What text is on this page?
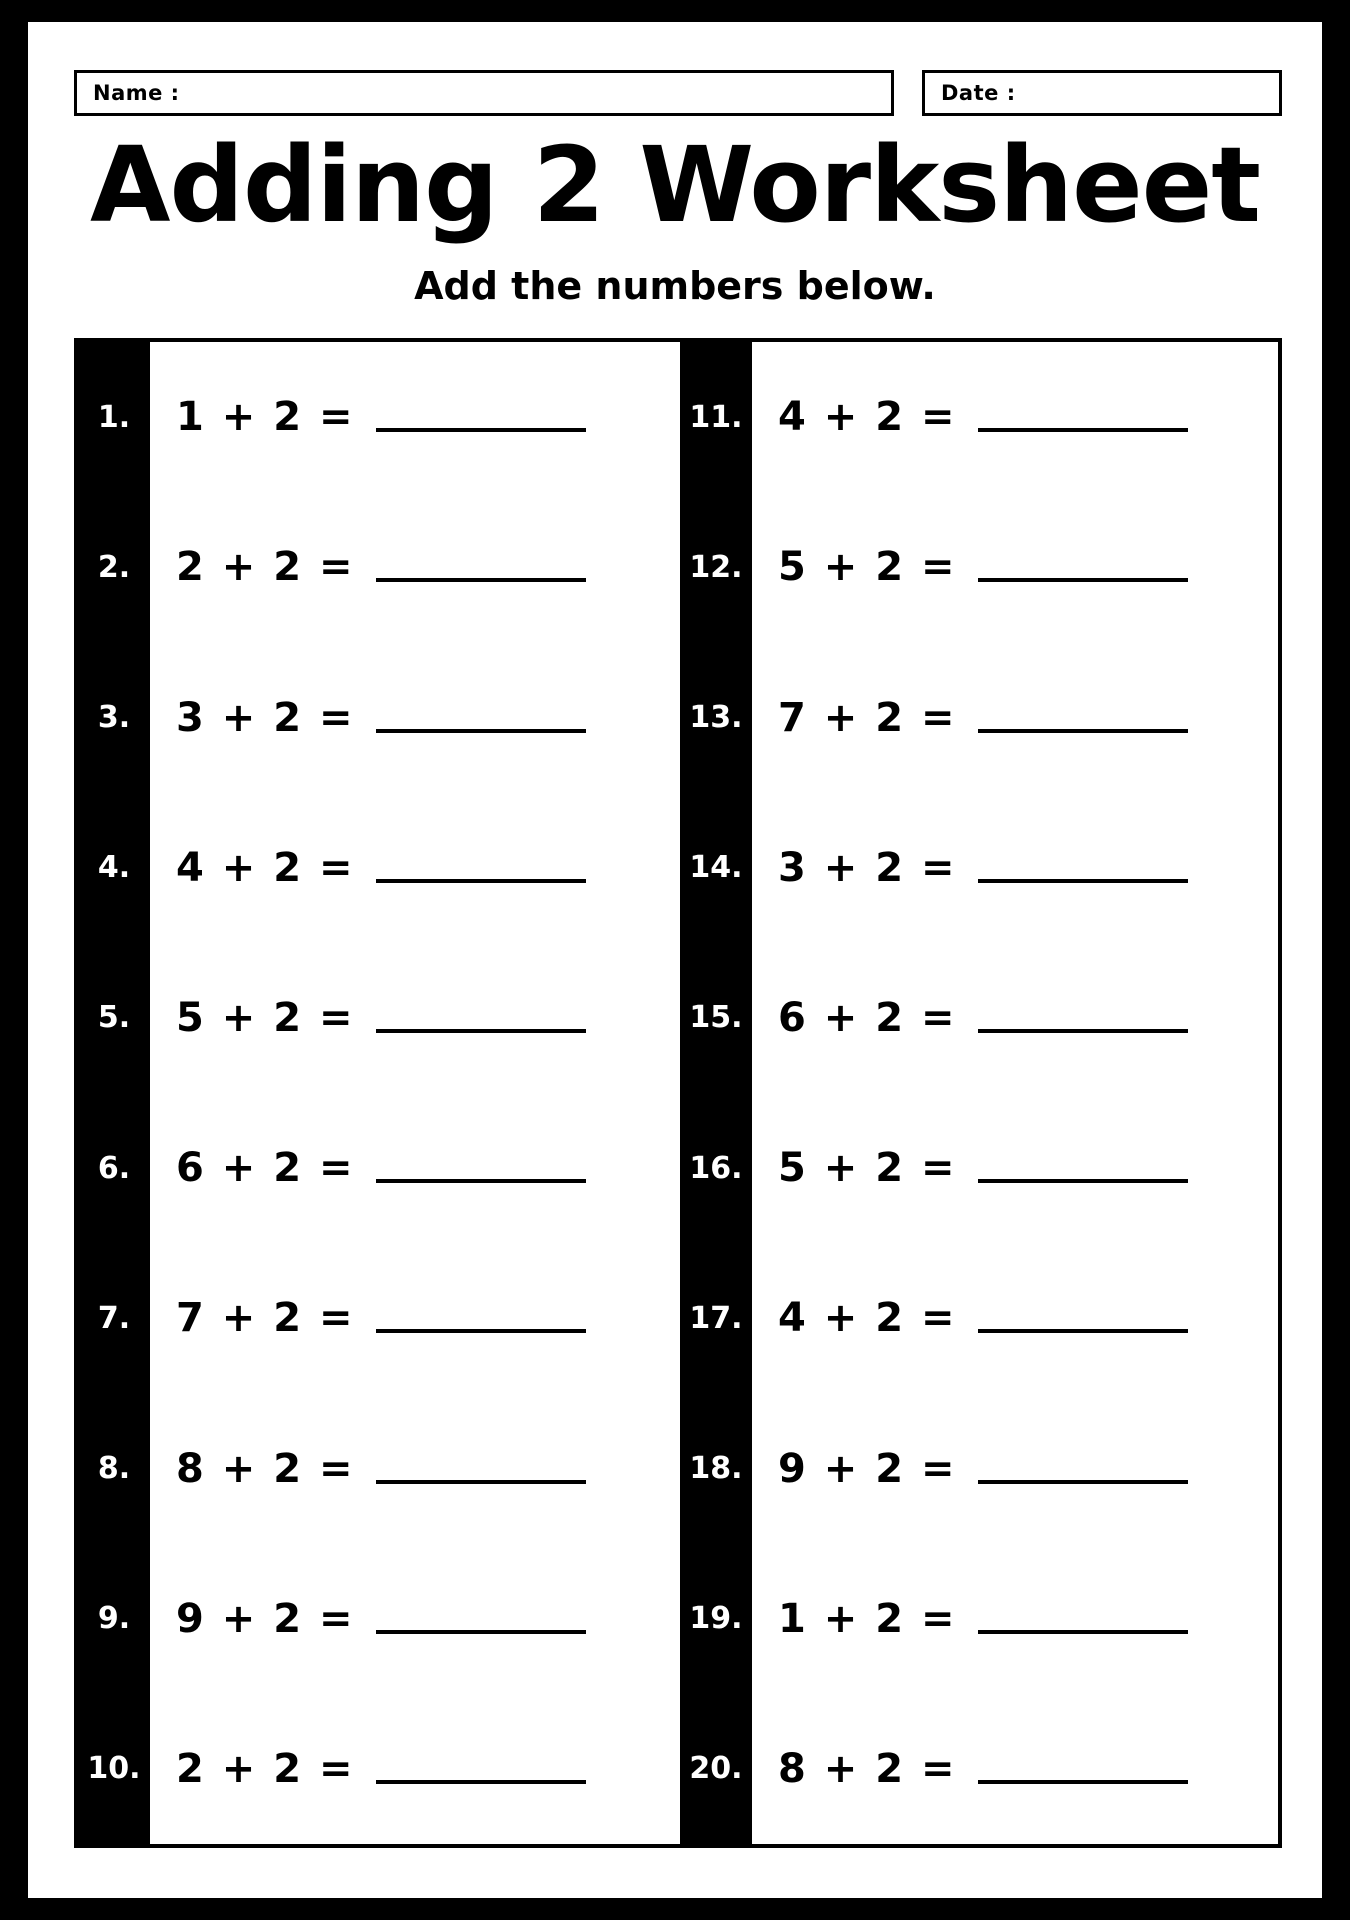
Name :	Date :
Adding 2 Worksheet
Add the numbers below.
1.
2.
3.
4.
5.
6.
7.
8.
9.
10.
1 + 2 =
2 + 2 =
3 + 2 =
4 + 2 =
5 + 2 =
6 + 2 =
7 + 2 =
8 + 2 =
9 + 2 =
2 + 2 =
11.
12.
13.
14.
15.
16.
17.
18.
19.
20.
4 + 2 =
5 + 2 =
7 + 2 =
3 + 2 =
6 + 2 =
5 + 2 =
4 + 2 =
9 + 2 =
1 + 2 =
8 + 2 =
